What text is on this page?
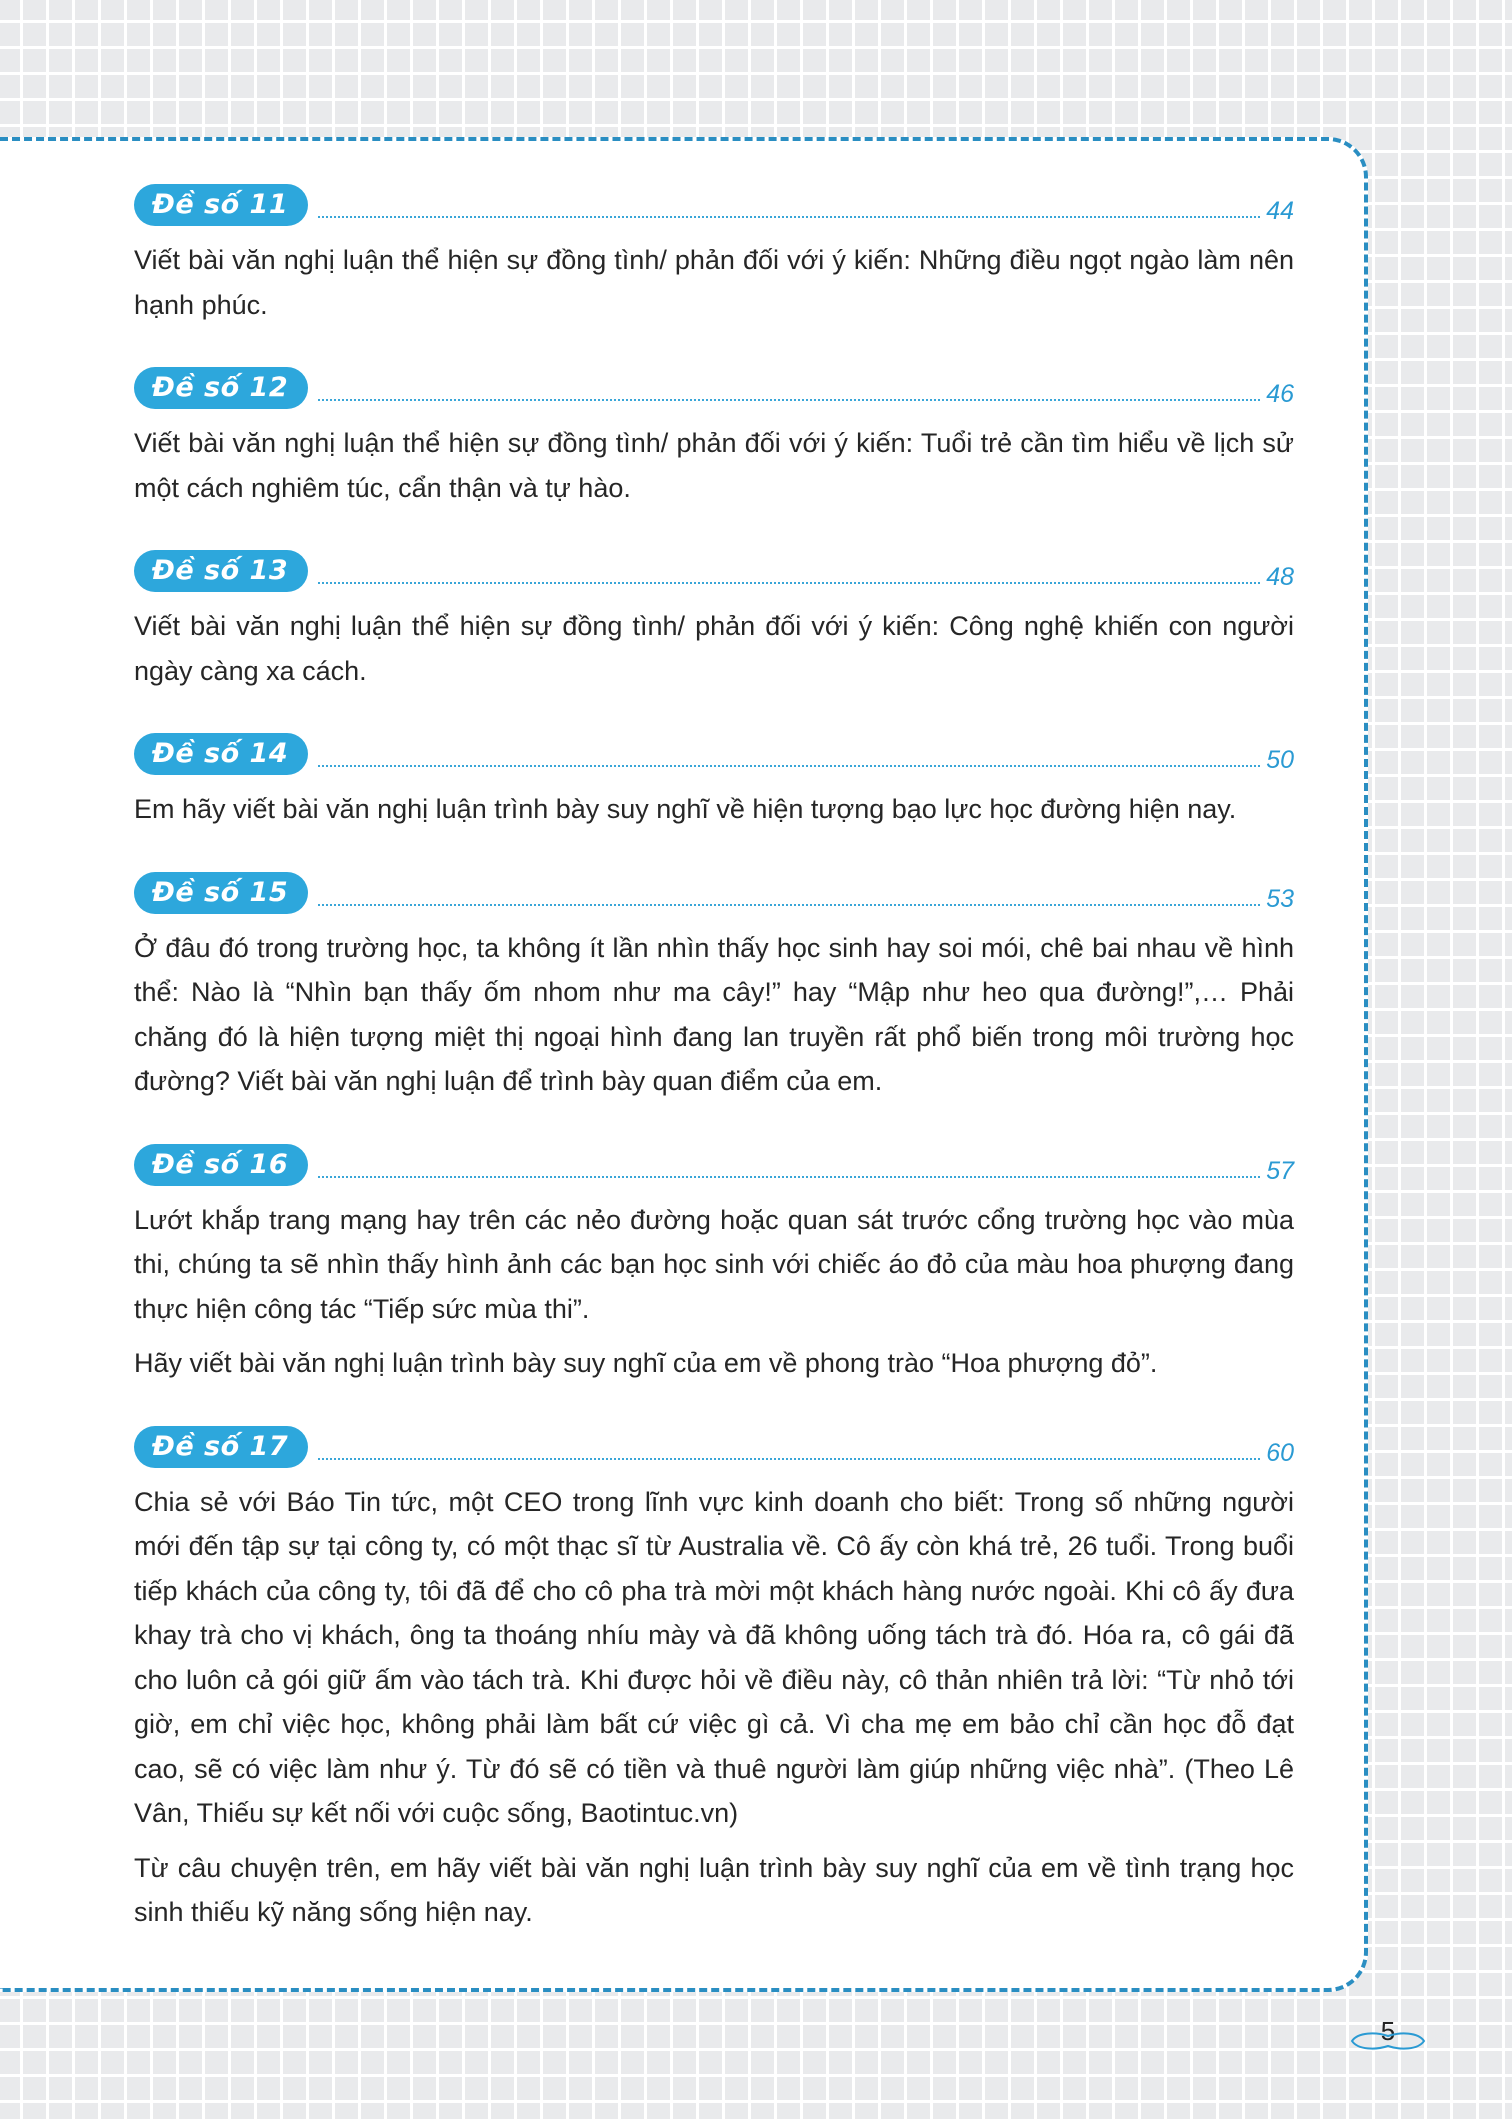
Đề số 11	44

Viết bài văn nghị luận thể hiện sự đồng tình/ phản đối với ý kiến: Những điều ngọt ngào làm nên hạnh phúc.

Đề số 12	46

Viết bài văn nghị luận thể hiện sự đồng tình/ phản đối với ý kiến: Tuổi trẻ cần tìm hiểu về lịch sử một cách nghiêm túc, cẩn thận và tự hào.

Đề số 13	48

Viết bài văn nghị luận thể hiện sự đồng tình/ phản đối với ý kiến: Công nghệ khiến con người ngày càng xa cách.

Đề số 14	50

Em hãy viết bài văn nghị luận trình bày suy nghĩ về hiện tượng bạo lực học đường hiện nay.

Đề số 15	53

Ở đâu đó trong trường học, ta không ít lần nhìn thấy học sinh hay soi mói, chê bai nhau về hình thể: Nào là “Nhìn bạn thấy ốm nhom như ma cây!” hay “Mập như heo qua đường!”,… Phải chăng đó là hiện tượng miệt thị ngoại hình đang lan truyền rất phổ biến trong môi trường học đường? Viết bài văn nghị luận để trình bày quan điểm của em.

Đề số 16	57

Lướt khắp trang mạng hay trên các nẻo đường hoặc quan sát trước cổng trường học vào mùa thi, chúng ta sẽ nhìn thấy hình ảnh các bạn học sinh với chiếc áo đỏ của màu hoa phượng đang thực hiện công tác “Tiếp sức mùa thi”.

Hãy viết bài văn nghị luận trình bày suy nghĩ của em về phong trào “Hoa phượng đỏ”.

Đề số 17	60

Chia sẻ với Báo Tin tức, một CEO trong lĩnh vực kinh doanh cho biết: Trong số những người mới đến tập sự tại công ty, có một thạc sĩ từ Australia về. Cô ấy còn khá trẻ, 26 tuổi. Trong buổi tiếp khách của công ty, tôi đã để cho cô pha trà mời một khách hàng nước ngoài. Khi cô ấy đưa khay trà cho vị khách, ông ta thoáng nhíu mày và đã không uống tách trà đó. Hóa ra, cô gái đã cho luôn cả gói giữ ấm vào tách trà. Khi được hỏi về điều này, cô thản nhiên trả lời: “Từ nhỏ tới giờ, em chỉ việc học, không phải làm bất cứ việc gì cả. Vì cha mẹ em bảo chỉ cần học đỗ đạt cao, sẽ có việc làm như ý. Từ đó sẽ có tiền và thuê người làm giúp những việc nhà”. (Theo Lê Vân, Thiếu sự kết nối với cuộc sống, Baotintuc.vn)

Từ câu chuyện trên, em hãy viết bài văn nghị luận trình bày suy nghĩ của em về tình trạng học sinh thiếu kỹ năng sống hiện nay.

5
